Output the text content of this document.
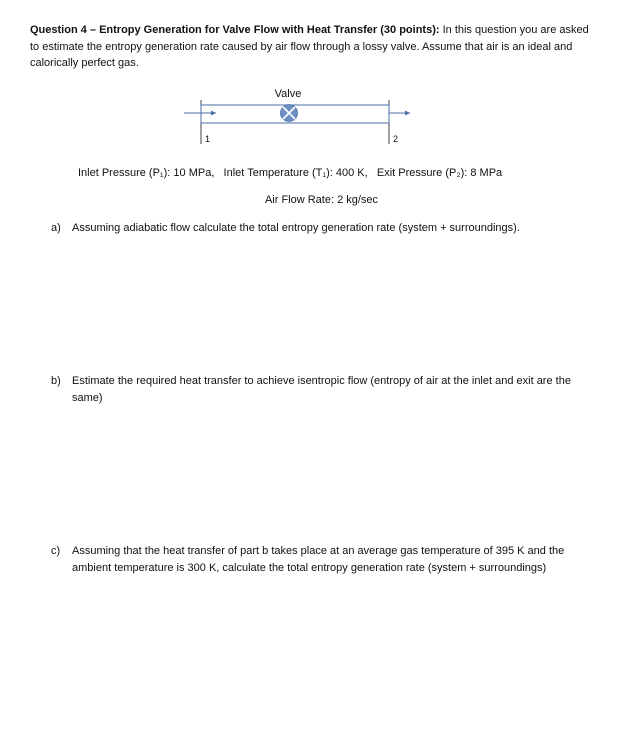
Question 4 – Entropy Generation for Valve Flow with Heat Transfer (30 points): In this question you are asked to estimate the entropy generation rate caused by air flow through a lossy valve. Assume that air is an ideal and calorically perfect gas.
Valve
1	2
Inlet Pressure (P₁): 10 MPa, Inlet Temperature (T₁): 400 K, Exit Pressure (P₂): 8 MPa
Air Flow Rate: 2 kg/sec
a)	Assuming adiabatic flow calculate the total entropy generation rate (system + surroundings).
b)	Estimate the required heat transfer to achieve isentropic flow (entropy of air at the inlet and exit are the same)
c)	Assuming that the heat transfer of part b takes place at an average gas temperature of 395 K and the ambient temperature is 300 K, calculate the total entropy generation rate (system + surroundings)
